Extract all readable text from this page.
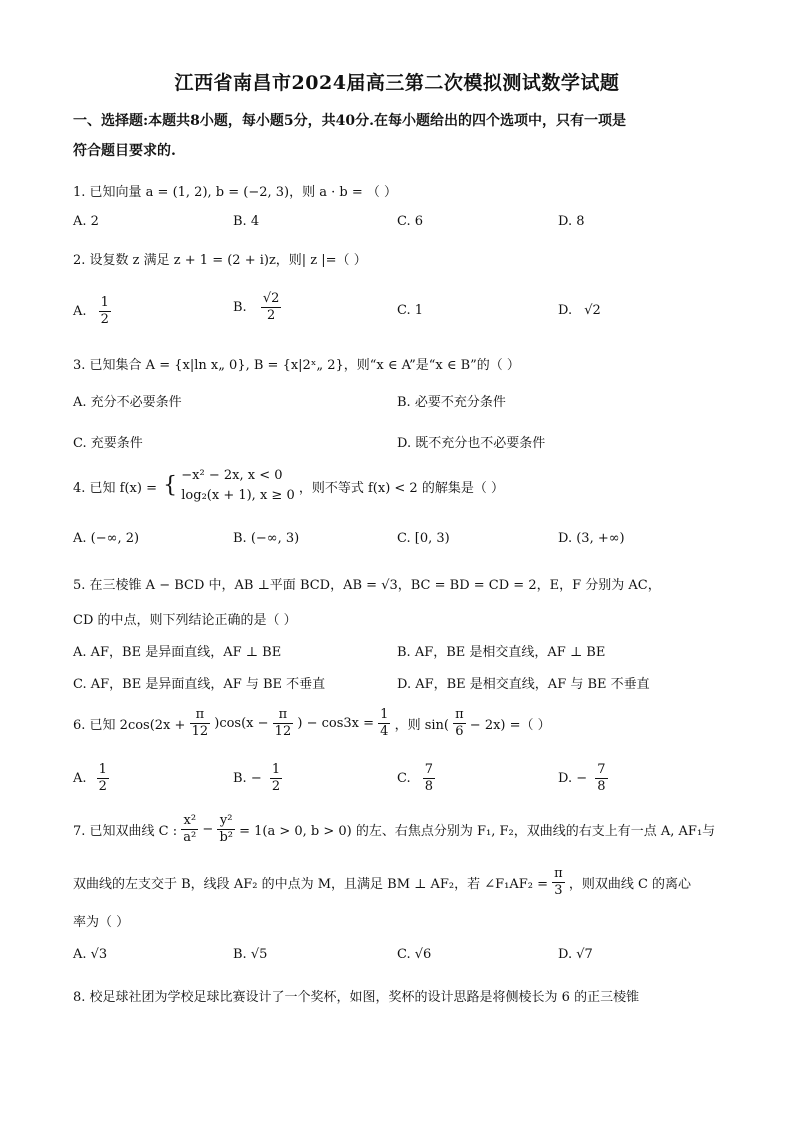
江西省南昌市2024届高三第二次模拟测试数学试题
一、选择题:本题共8小题，每小题5分，共40分.在每小题给出的四个选项中，只有一项是
符合题目要求的.
1. 已知向量 a = (1, 2), b = (−2, 3)，则 a · b = （ ）
A. 2	B. 4	C. 6	D. 8
2. 设复数 z 满足 z + 1 = (2 + i)z，则| z |=（ ）
A. $\frac{1}{2}$	B. $\frac{√2}{2}$	C. 1	D. √2
3. 已知集合 A = {x|ln x„ 0}, B = {x|2ˣ„ 2}，则“x ∈ A”是“x ∈ B”的（ ）
A. 充分不必要条件	B. 必要不充分条件
C. 充要条件	D. 既不充分也不必要条件
4. 已知 f(x) = { −x² − 2x, x < 0
log₂(x + 1), x ≥ 0 ，则不等式 f(x) < 2 的解集是（ ）
A. (−∞, 2)	B. (−∞, 3)	C. [0, 3)	D. (3, +∞)
5. 在三棱锥 A − BCD 中，AB ⊥平面 BCD，AB = √3，BC = BD = CD = 2，E，F 分别为 AC，
CD 的中点，则下列结论正确的是（ ）
A. AF，BE 是异面直线，AF ⊥ BE	B. AF，BE 是相交直线，AF ⊥ BE
C. AF，BE 是异面直线，AF 与 BE 不垂直	D. AF，BE 是相交直线，AF 与 BE 不垂直
6. 已知 $2\cos(2x + \frac{\pi}{12} )\cos(x - \frac{\pi}{12}$ ) − $\cos 3x = \frac{1}{4}$ ，则 $\sin( \frac{\pi}{6} - 2x)$ =（ ）
A. $\frac{1}{2}$	B. − $\frac{1}{2}$	C. $\frac{7}{8}$	D. − $\frac{7}{8}$
7. 已知双曲线 C : $\frac{\text{x²}}{\text{a²}} - \frac{\text{y²}}{\text{b²}} = 1(a > 0$, b > 0) 的左、右焦点分别为 F₁, F₂，双曲线的右支上有一点 A, AF₁与
双曲线的左支交于 B，线段 AF₂ 的中点为 M，且满足 BM ⊥ AF₂，若 ∠F₁AF₂ = $\frac{\pi}{3}$ ，则双曲线 C 的离心
率为（ ）
A. √3	B. √5	C. √6	D. √7
8. 校足球社团为学校足球比赛设计了一个奖杯，如图，奖杯的设计思路是将侧棱长为 6 的正三棱锥
